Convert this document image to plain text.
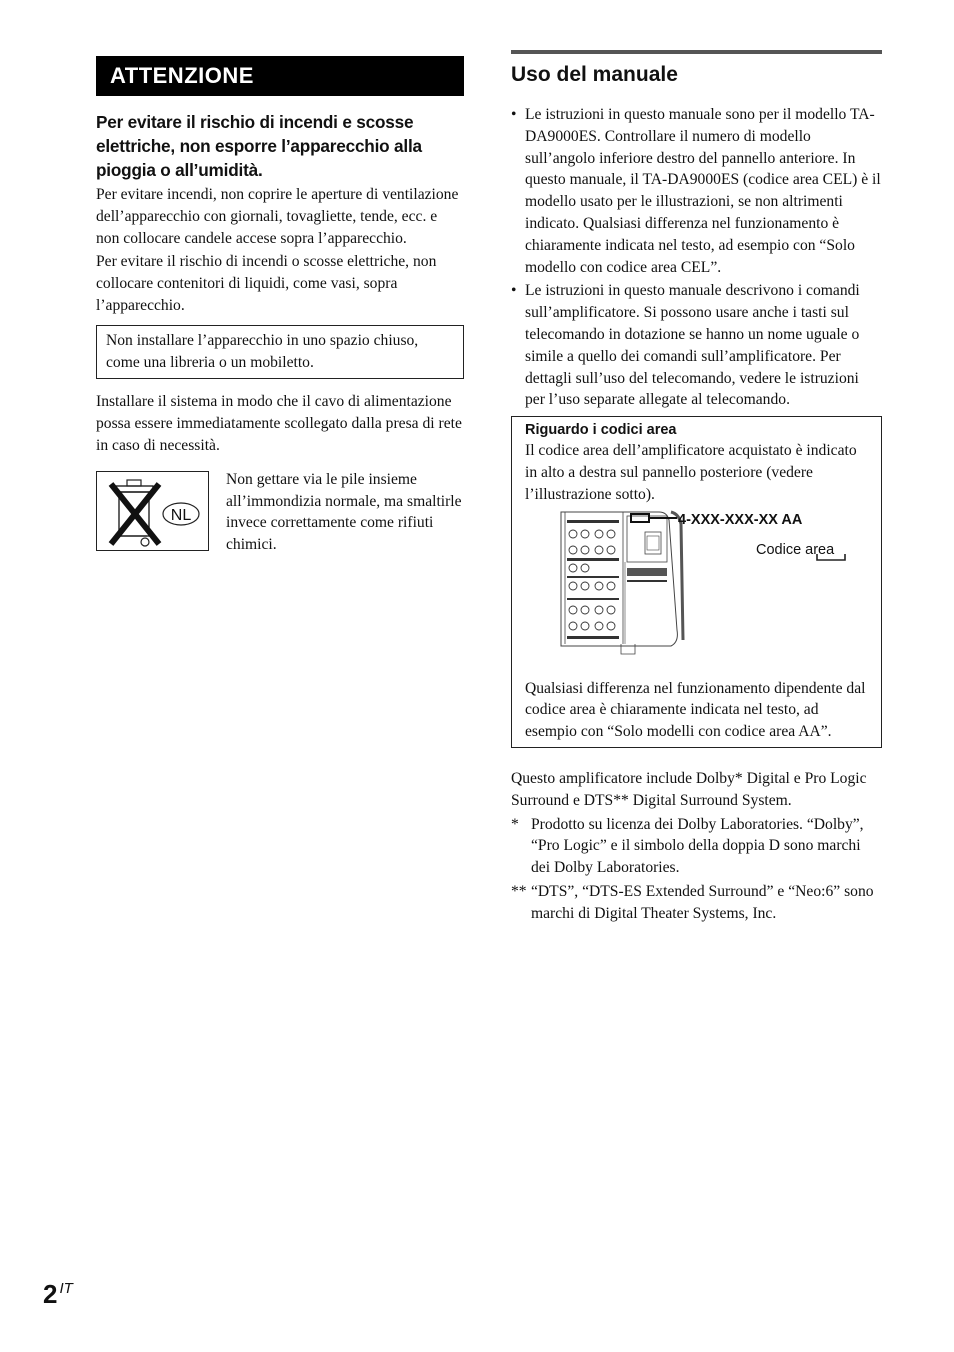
ATTENZIONE
Per evitare il rischio di incendi e scosse elettriche, non esporre l’apparecchio alla pioggia o all’umidità.

Per evitare incendi, non coprire le aperture di ventilazione dell’apparecchio con giornali, tovagliette, tende, ecc. e non collocare candele accese sopra l’apparecchio.

Per evitare il rischio di incendi o scosse elettriche, non collocare contenitori di liquidi, come vasi, sopra l’apparecchio.

Non installare l’apparecchio in uno spazio chiuso, come una libreria o un mobiletto.

Installare il sistema in modo che il cavo di alimentazione possa essere immediatamente scollegato dalla presa di rete in caso di necessità.

NL
Non gettare via le pile insieme all’immondizia normale, ma smaltirle invece correttamente come rifiuti chimici.
Uso del manuale
• Le istruzioni in questo manuale sono per il modello TA-DA9000ES. Controllare il numero di modello sull’angolo inferiore destro del pannello anteriore. In questo manuale, il TA-DA9000ES (codice area CEL) è il modello usato per le illustrazioni, se non altrimenti indicato. Qualsiasi differenza nel funzionamento è chiaramente indicata nel testo, ad esempio con “Solo modello con codice area CEL”.
• Le istruzioni in questo manuale descrivono i comandi sull’amplificatore. Si possono usare anche i tasti sul telecomando in dotazione se hanno un nome uguale o simile a quello dei comandi sull’amplificatore. Per dettagli sull’uso del telecomando, vedere le istruzioni per l’uso separate allegate al telecomando.
Riguardo i codici area
Il codice area dell’amplificatore acquistato è indicato in alto a destra sul pannello posteriore (vedere l’illustrazione sotto).
4-XXX-XXX-XX AA
Codice area
Qualsiasi differenza nel funzionamento dipendente dal codice area è chiaramente indicata nel testo, ad esempio con “Solo modelli con codice area AA”.

Questo amplificatore include Dolby* Digital e Pro Logic Surround e DTS** Digital Surround System.

* Prodotto su licenza dei Dolby Laboratories. “Dolby”, “Pro Logic” e il simbolo della doppia D sono marchi dei Dolby Laboratories.
** “DTS”, “DTS-ES Extended Surround” e “Neo:6” sono marchi di Digital Theater Systems, Inc.
2 $^{IT}$
